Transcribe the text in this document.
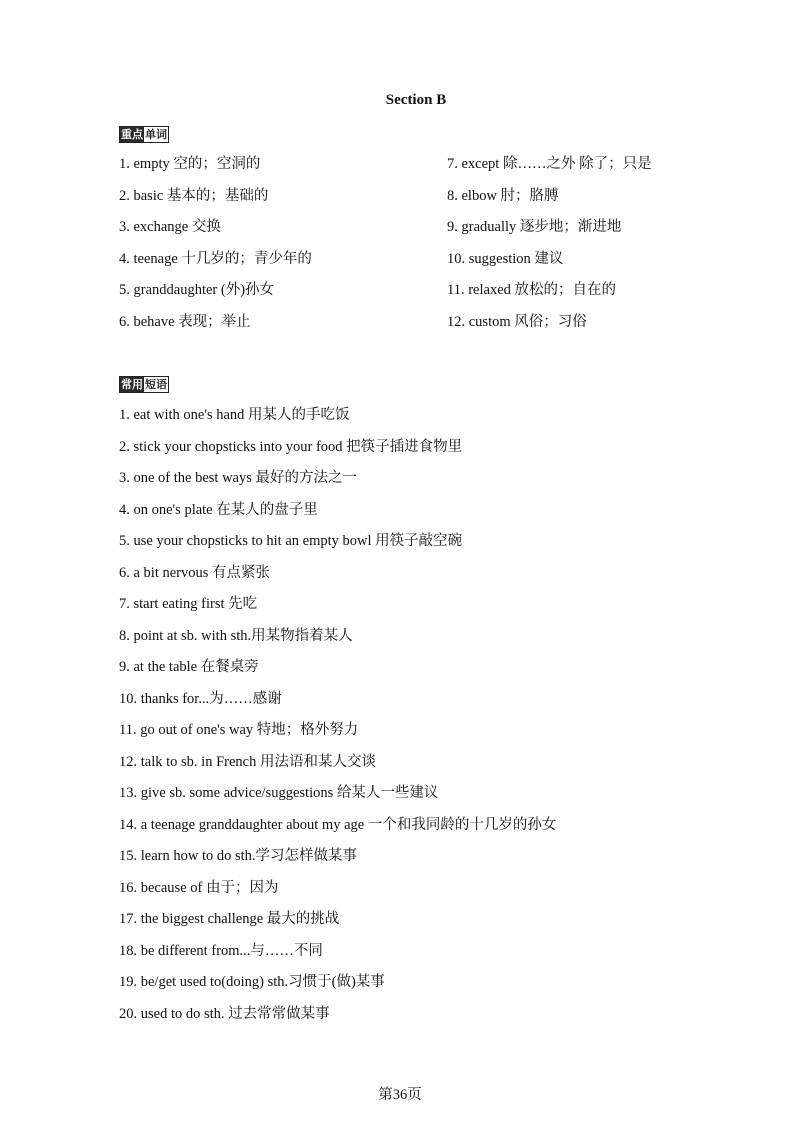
Section B
重点 单词
1. empty 空的；空洞的	7. except 除……之外 除了；只是
2. basic 基本的；基础的	8. elbow 肘；胳膊
3. exchange 交换	9. gradually 逐步地；渐进地
4. teenage 十几岁的；青少年的	10. suggestion 建议
5. granddaughter (外)孙女	11. relaxed 放松的；自在的
6. behave 表现；举止	12. custom 风俗；习俗
常用 短语
1. eat with one's hand 用某人的手吃饭
2. stick your chopsticks into your food 把筷子插进食物里
3. one of the best ways 最好的方法之一
4. on one's plate 在某人的盘子里
5. use your chopsticks to hit an empty bowl 用筷子敲空碗
6. a bit nervous 有点紧张
7. start eating first 先吃
8. point at sb. with sth.用某物指着某人
9. at the table 在餐桌旁
10. thanks for...为……感谢
11. go out of one's way 特地；格外努力
12. talk to sb. in French 用法语和某人交谈
13. give sb. some advice/suggestions 给某人一些建议
14. a teenage granddaughter about my age 一个和我同龄的十几岁的孙女
15. learn how to do sth.学习怎样做某事
16. because of 由于；因为
17. the biggest challenge 最大的挑战
18. be different from...与……不同
19. be/get used to(doing) sth.习惯于(做)某事
20. used to do sth. 过去常常做某事
第36页
